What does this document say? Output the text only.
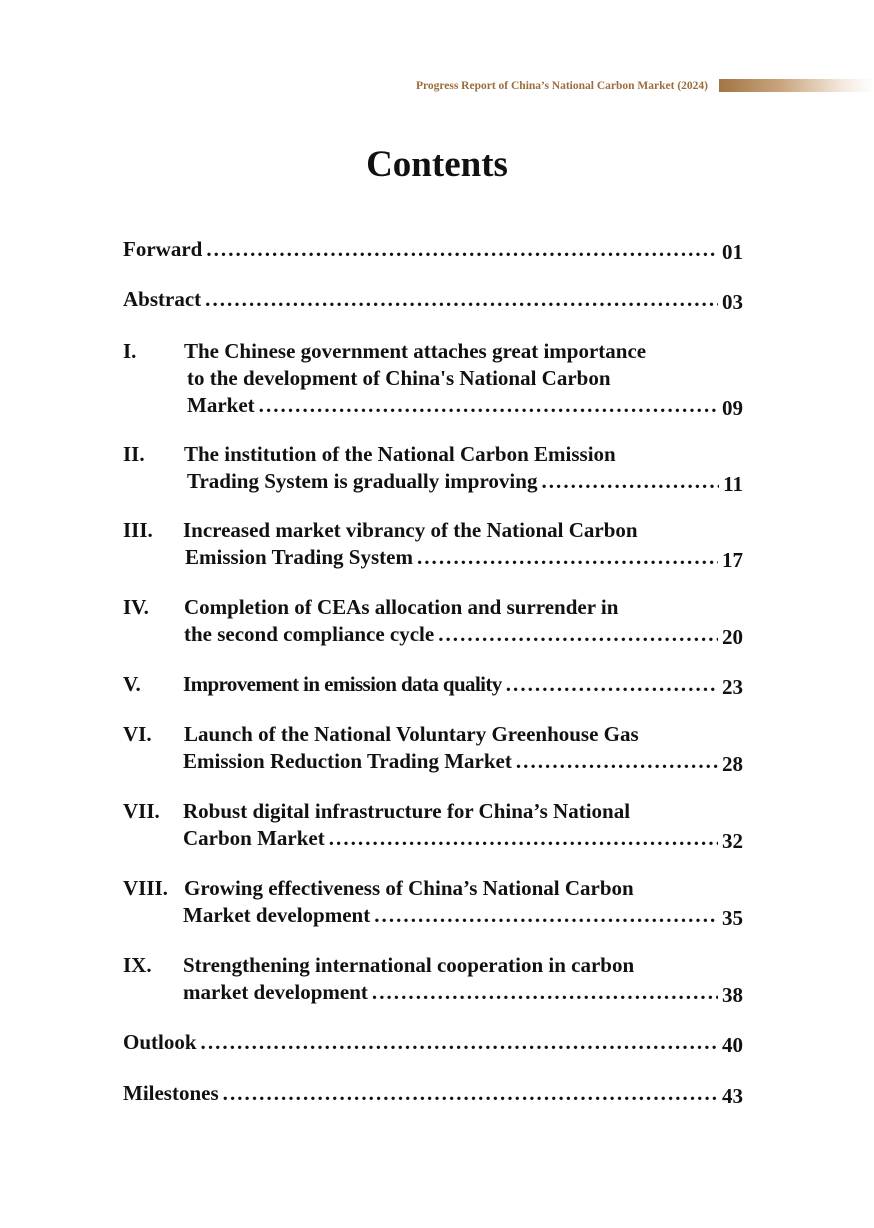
Progress Report of China’s National Carbon Market (2024)
Contents
Forward . . .	01
Abstract . . .	03
I.	The Chinese government attaches great importance
to the development of China's National Carbon
Market . . .	09
II.	The institution of the National Carbon Emission
Trading System is gradually improving . . .	11
III.	Increased market vibrancy of the National Carbon
Emission Trading System . . .	17
IV.	Completion of CEAs allocation and surrender in
the second compliance cycle . . .	20
V. Improvement in emission data quality . . .	23
VI.	Launch of the National Voluntary Greenhouse Gas
Emission Reduction Trading Market . . .	28
VII.	Robust digital infrastructure for China’s National
Carbon Market . . .	32
VIII. Growing effectiveness of China’s National Carbon
Market development . . .	35
IX.	Strengthening international cooperation in carbon
market development . . .	38
Outlook . . .	40
Milestones . . .	43
